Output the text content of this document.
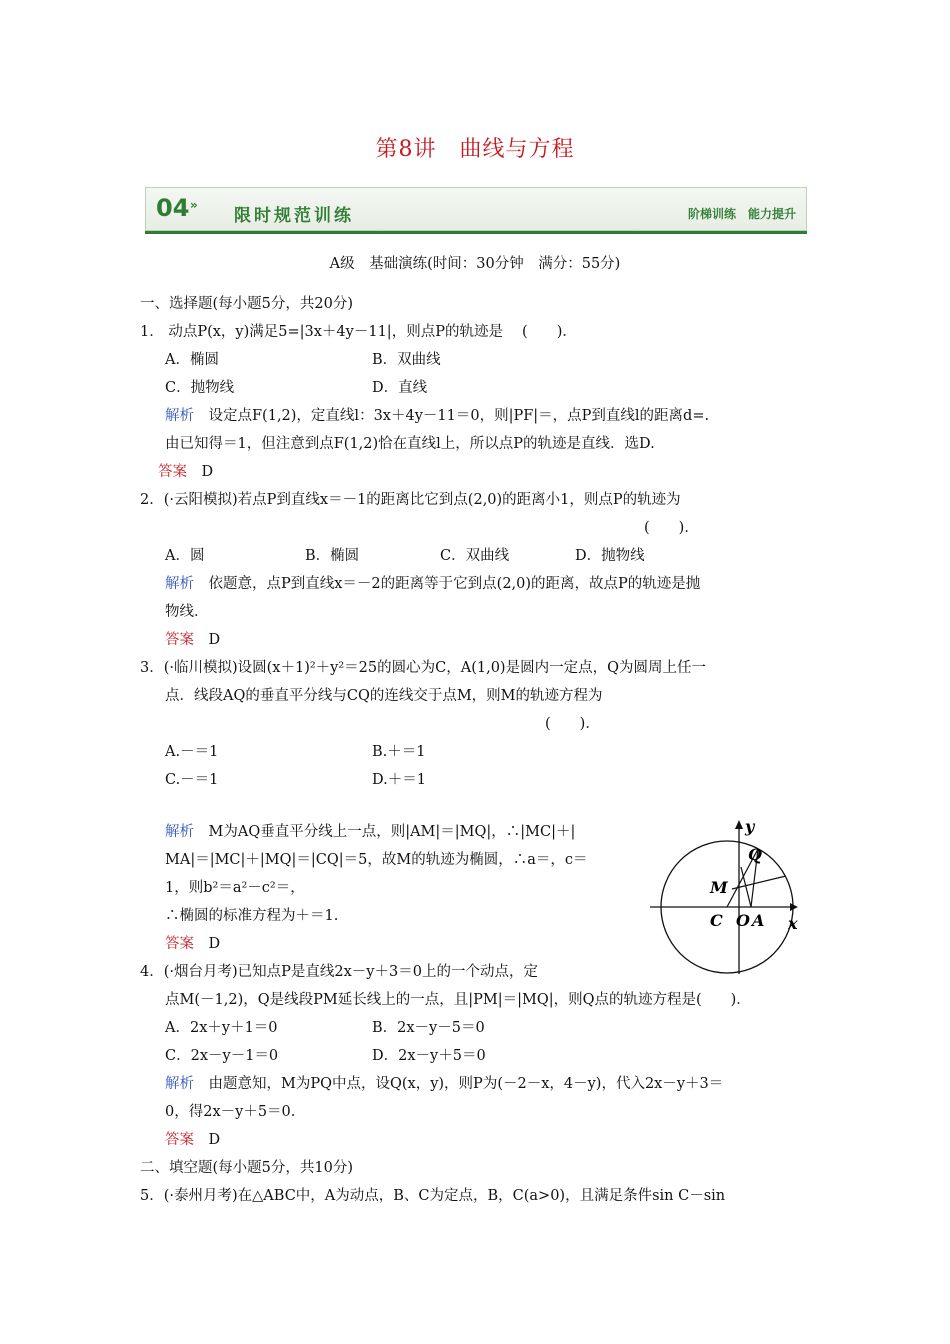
第8讲　曲线与方程
04 »
限时规范训练	阶梯训练　能力提升
A级　基础演练(时间：30分钟　满分：55分)
一、选择题(每小题5分，共20分)
1． 动点P(x，y)满足5=|3x＋4y－11|，则点P的轨迹是　 (　　)．
A．椭圆	B．双曲线
C．抛物线	D．直线
解析　设定点F(1,2)，定直线l：3x＋4y－11＝0，则|PF|＝，点P到直线l的距离d=.
由已知得＝1，但注意到点F(1,2)恰在直线l上，所以点P的轨迹是直线．选D.
答案　D
2．(·云阳模拟)若点P到直线x＝－1的距离比它到点(2,0)的距离小1，则点P的轨迹为
(　　)．
A．圆	B．椭圆	C．双曲线	D．抛物线
解析　依题意，点P到直线x＝－2的距离等于它到点(2,0)的距离，故点P的轨迹是抛
物线．
答案　D
3．(·临川模拟)设圆(x＋1)²＋y²＝25的圆心为C，A(1,0)是圆内一定点，Q为圆周上任一
点．线段AQ的垂直平分线与CQ的连线交于点M，则M的轨迹方程为
(　　)．
A.－＝1	B.＋＝1
C.－＝1	D.＋＝1
解析　M为AQ垂直平分线上一点，则|AM|＝|MQ|，∴|MC|＋|
MA|＝|MC|＋|MQ|＝|CQ|＝5，故M的轨迹为椭圆，∴a＝，c＝
1，则b²＝a²－c²＝，
∴椭圆的标准方程为＋＝1.
答案　D
y
x
Q
M
C O A
4．(·烟台月考)已知点P是直线2x－y＋3＝0上的一个动点，定
点M(－1,2)，Q是线段PM延长线上的一点，且|PM|＝|MQ|，则Q点的轨迹方程是(　　)．
A．2x＋y＋1＝0	B．2x－y－5＝0
C．2x－y－1＝0	D．2x－y＋5＝0
解析　由题意知，M为PQ中点，设Q(x，y)，则P为(－2－x，4－y)，代入2x－y＋3＝
0，得2x－y＋5＝0.
答案　D
二、填空题(每小题5分，共10分)
5．(·泰州月考)在△ABC中，A为动点，B、C为定点，B，C(a>0)，且满足条件sin C－sin
